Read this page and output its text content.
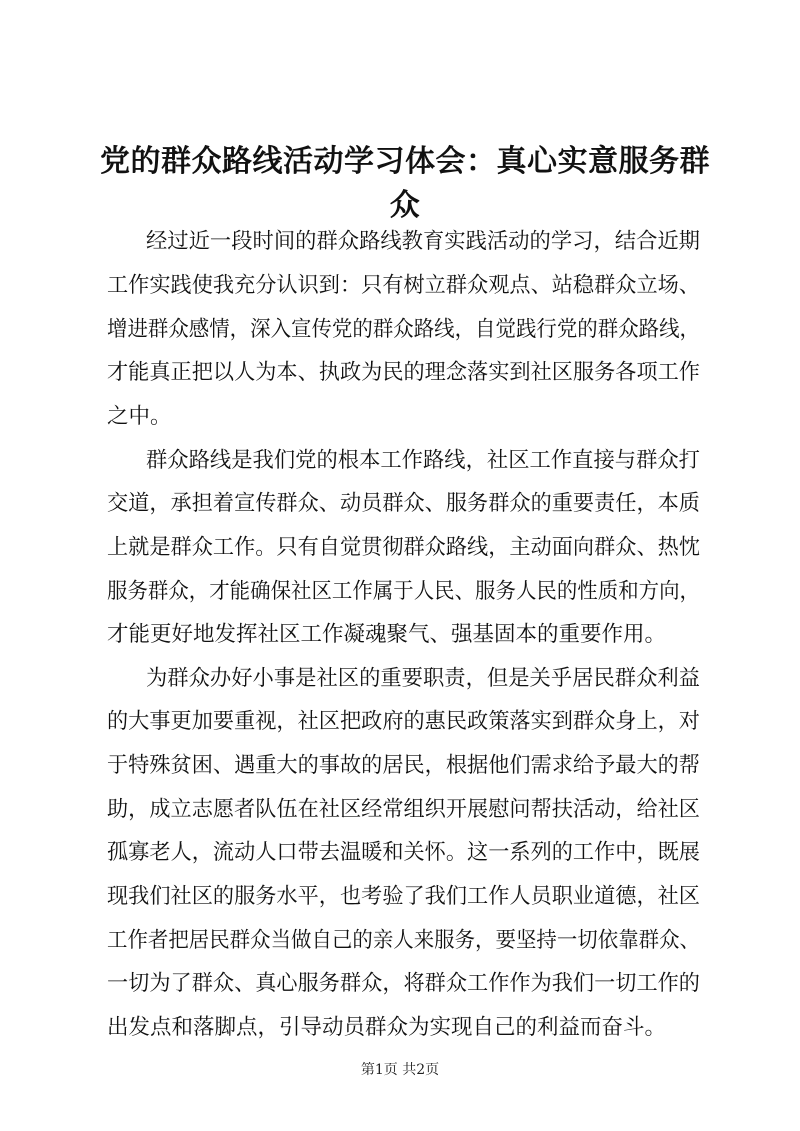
党的群众路线活动学习体会：真心实意服务群
众
经过近一段时间的群众路线教育实践活动的学习，结合近期
工作实践使我充分认识到：只有树立群众观点、站稳群众立场、
增进群众感情，深入宣传党的群众路线，自觉践行党的群众路线，
才能真正把以人为本、执政为民的理念落实到社区服务各项工作
之中。
群众路线是我们党的根本工作路线，社区工作直接与群众打
交道，承担着宣传群众、动员群众、服务群众的重要责任，本质
上就是群众工作。只有自觉贯彻群众路线，主动面向群众、热忱
服务群众，才能确保社区工作属于人民、服务人民的性质和方向，
才能更好地发挥社区工作凝魂聚气、强基固本的重要作用。
为群众办好小事是社区的重要职责，但是关乎居民群众利益
的大事更加要重视，社区把政府的惠民政策落实到群众身上，对
于特殊贫困、遇重大的事故的居民，根据他们需求给予最大的帮
助，成立志愿者队伍在社区经常组织开展慰问帮扶活动，给社区
孤寡老人，流动人口带去温暖和关怀。这一系列的工作中，既展
现我们社区的服务水平，也考验了我们工作人员职业道德，社区
工作者把居民群众当做自己的亲人来服务，要坚持一切依靠群众、
一切为了群众、真心服务群众，将群众工作作为我们一切工作的
出发点和落脚点，引导动员群众为实现自己的利益而奋斗。
第1页 共2页
